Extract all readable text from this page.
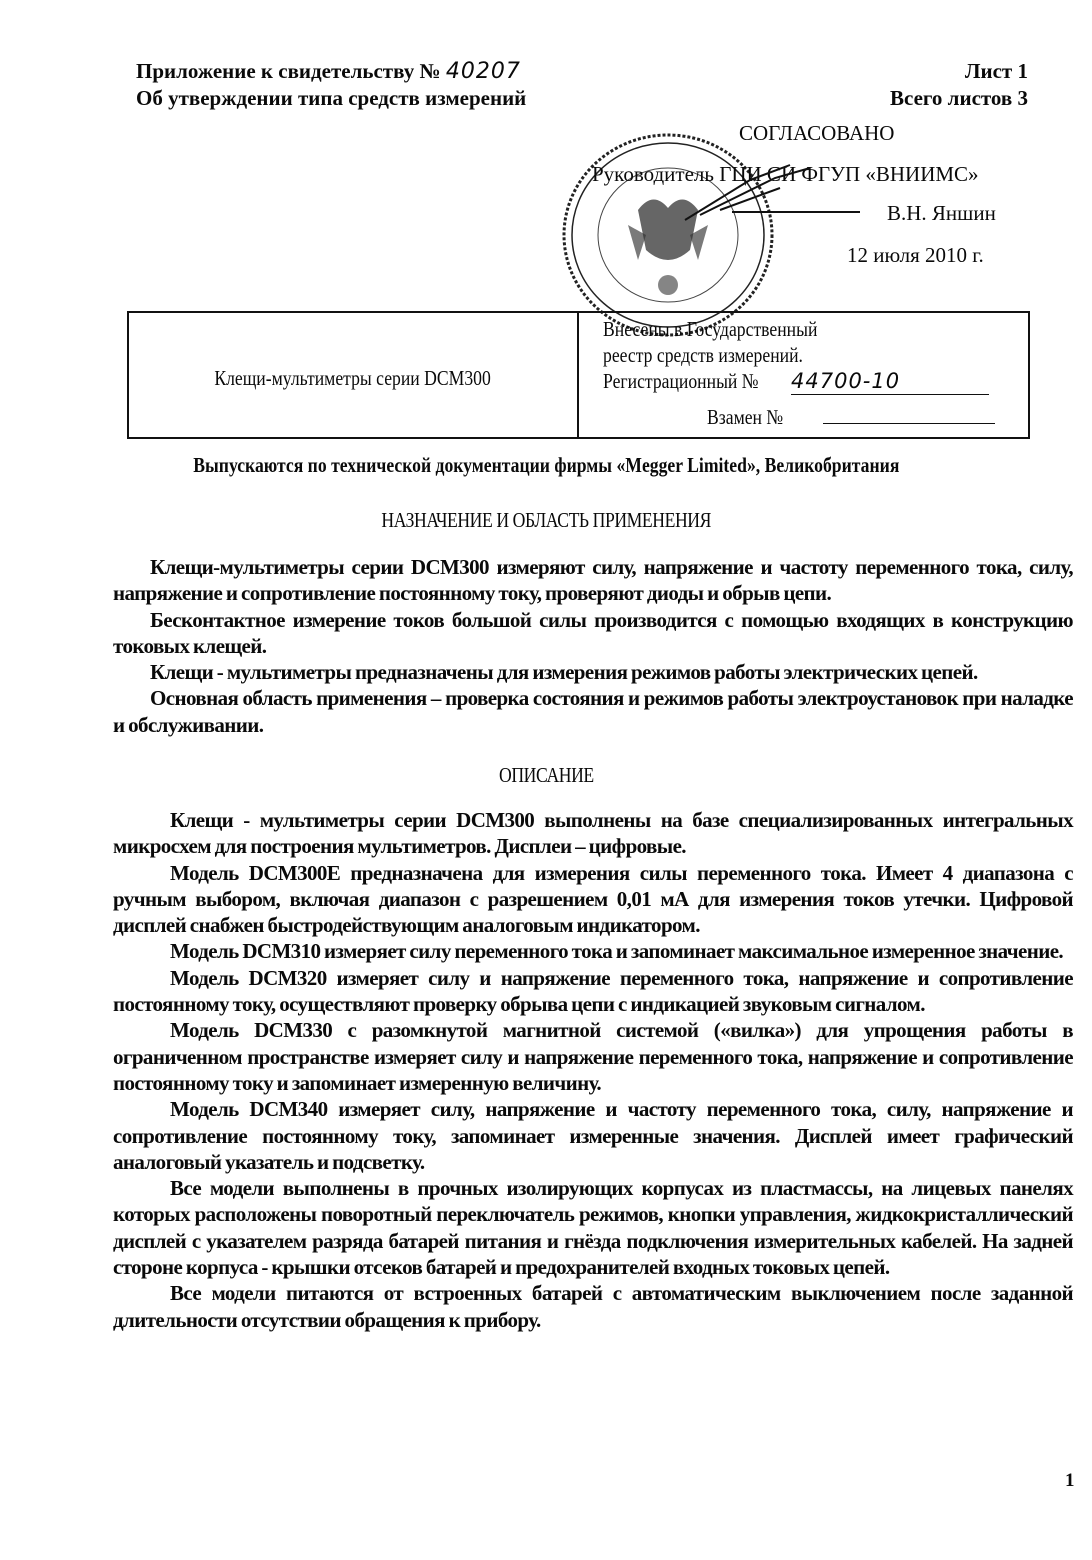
Приложение к свидетельству № 40207
Об утверждении типа средств измерений
Лист 1
Всего листов 3
СОГЛАСОВАНО
Руководитель ГЦИ СИ ФГУП «ВНИИМС»
В.Н. Яншин
12 июля 2010 г.
Клещи-мультиметры серии DCM300
Внесены в Государственный
реестр средств измерений.
Регистрационный № 44700-10
Взамен №
Выпускаются по технической документации фирмы «Megger Limited», Великобритания
НАЗНАЧЕНИЕ И ОБЛАСТЬ ПРИМЕНЕНИЯ

Клещи-мультиметры серии DCM300 измеряют силу, напряжение и частоту переменного тока, силу, напряжение и сопротивление постоянному току, проверяют диоды и обрыв цепи.

Бесконтактное измерение токов большой силы производится с помощью входящих в конструкцию токовых клещей.

Клещи - мультиметры предназначены для измерения режимов работы электрических цепей.

Основная область применения – проверка состояния и режимов работы электроустановок при наладке и обслуживании.

ОПИСАНИЕ

Клещи - мультиметры серии DCM300 выполнены на базе специализированных интегральных микросхем для построения мультиметров. Дисплеи – цифровые.

Модель DCM300E предназначена для измерения силы переменного тока. Имеет 4 диапазона с ручным выбором, включая диапазон с разрешением 0,01 мА для измерения токов утечки. Цифровой дисплей снабжен быстродействующим аналоговым индикатором.

Модель DCM310 измеряет силу переменного тока и запоминает максимальное измеренное значение.

Модель DCM320 измеряет силу и напряжение переменного тока, напряжение и сопротивление постоянному току, осуществляют проверку обрыва цепи с индикацией звуковым сигналом.

Модель DCM330 с разомкнутой магнитной системой («вилка») для упрощения работы в ограниченном пространстве измеряет силу и напряжение переменного тока, напряжение и сопротивление постоянному току и запоминает измеренную величину.

Модель DCM340 измеряет силу, напряжение и частоту переменного тока, силу, напряжение и сопротивление постоянному току, запоминает измеренные значения. Дисплей имеет графический аналоговый указатель и подсветку.

Все модели выполнены в прочных изолирующих корпусах из пластмассы, на лицевых панелях которых расположены поворотный переключатель режимов, кнопки управления, жидкокристаллический дисплей с указателем разряда батарей питания и гнёзда подключения измерительных кабелей. На задней стороне корпуса - крышки отсеков батарей и предохранителей входных токовых цепей.

Все модели питаются от встроенных батарей с автоматическим выключением после заданной длительности отсутствии обращения к прибору.

1
